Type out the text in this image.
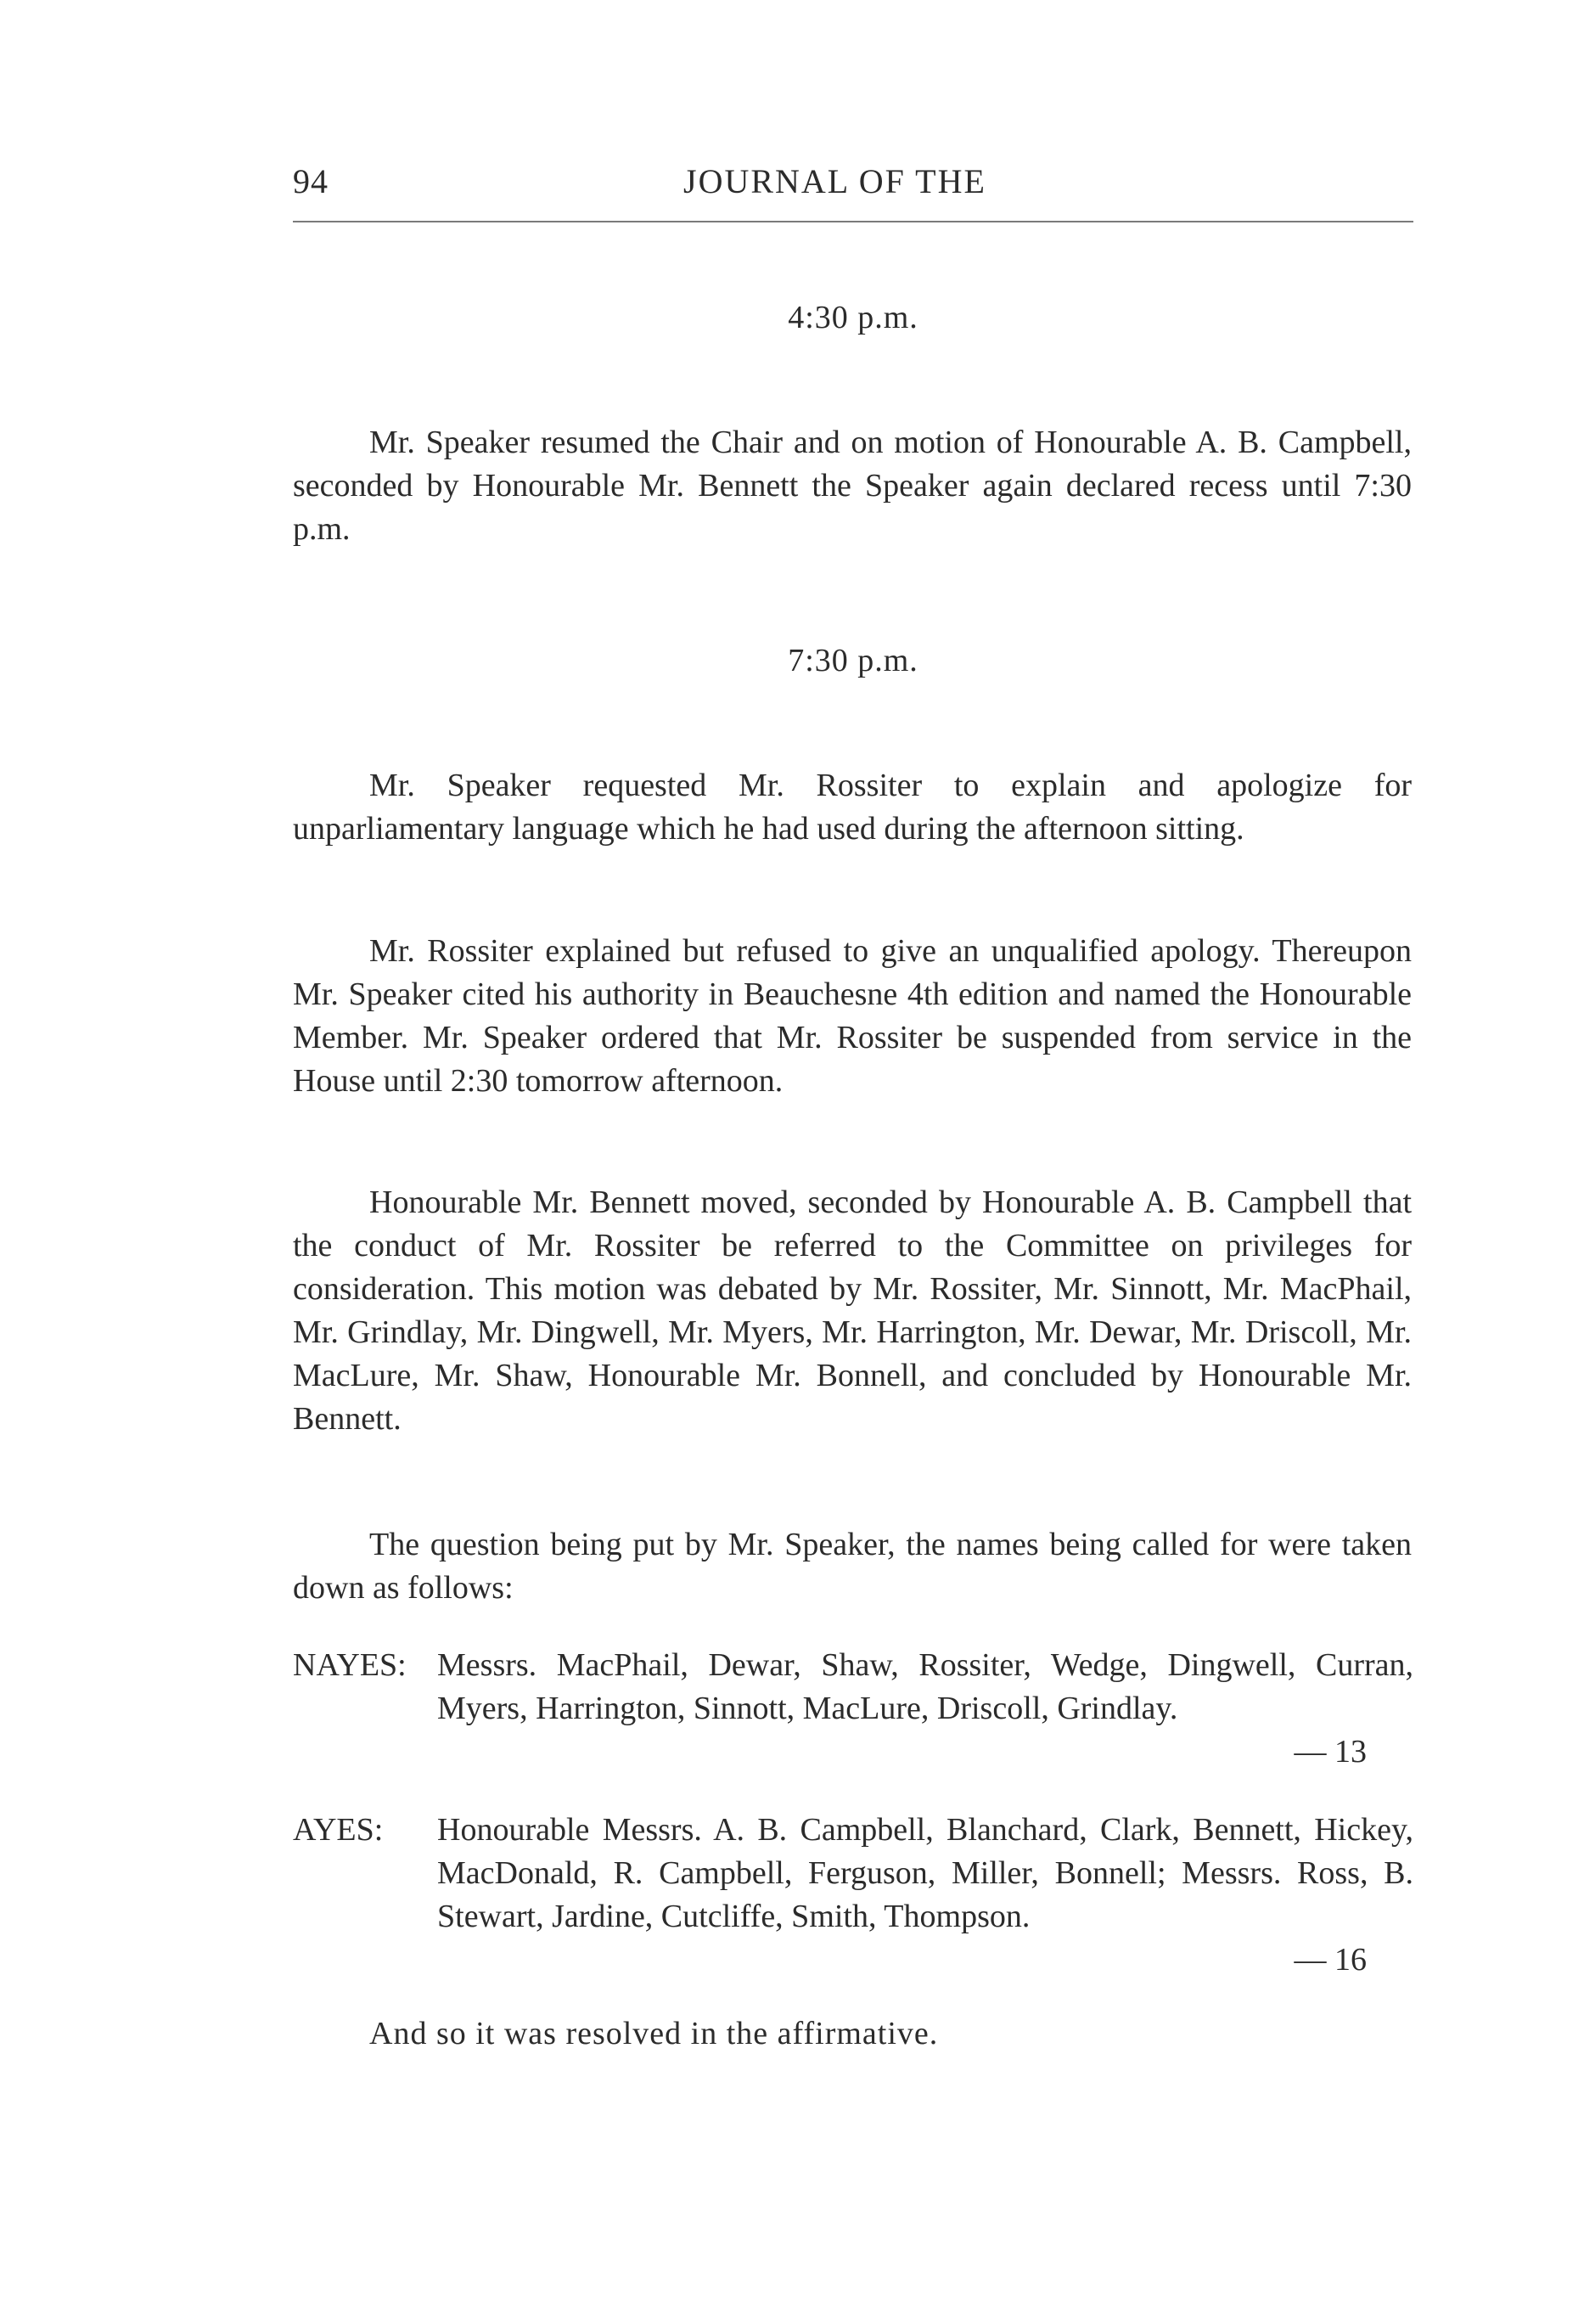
94	JOURNAL OF THE
4:30 p.m.

Mr. Speaker resumed the Chair and on motion of Honourable A. B. Campbell, seconded by Honourable Mr. Bennett the Speaker again declared recess until 7:30 p.m.

7:30 p.m.

Mr. Speaker requested Mr. Rossiter to explain and apologize for unparliamentary language which he had used during the afternoon sitting.

Mr. Rossiter explained but refused to give an unqualified apology. Thereupon Mr. Speaker cited his authority in Beauchesne 4th edition and named the Honourable Member. Mr. Speaker ordered that Mr. Rossiter be suspended from service in the House until 2:30 tomorrow afternoon.

Honourable Mr. Bennett moved, seconded by Honourable A. B. Campbell that the conduct of Mr. Rossiter be referred to the Committee on privileges for consideration. This motion was debated by Mr. Rossiter, Mr. Sinnott, Mr. MacPhail, Mr. Grindlay, Mr. Dingwell, Mr. Myers, Mr. Harrington, Mr. Dewar, Mr. Driscoll, Mr. MacLure, Mr. Shaw, Honourable Mr. Bonnell, and concluded by Honourable Mr. Bennett.

The question being put by Mr. Speaker, the names being called for were taken down as follows:

NAYES: Messrs. MacPhail, Dewar, Shaw, Rossiter, Wedge, Dingwell, Curran, Myers, Harrington, Sinnott, MacLure, Driscoll, Grindlay.
— 13
AYES: Honourable Messrs. A. B. Campbell, Blanchard, Clark, Bennett, Hickey, MacDonald, R. Campbell, Ferguson, Miller, Bonnell; Messrs. Ross, B. Stewart, Jardine, Cutcliffe, Smith, Thompson.
— 16

And so it was resolved in the affirmative.
